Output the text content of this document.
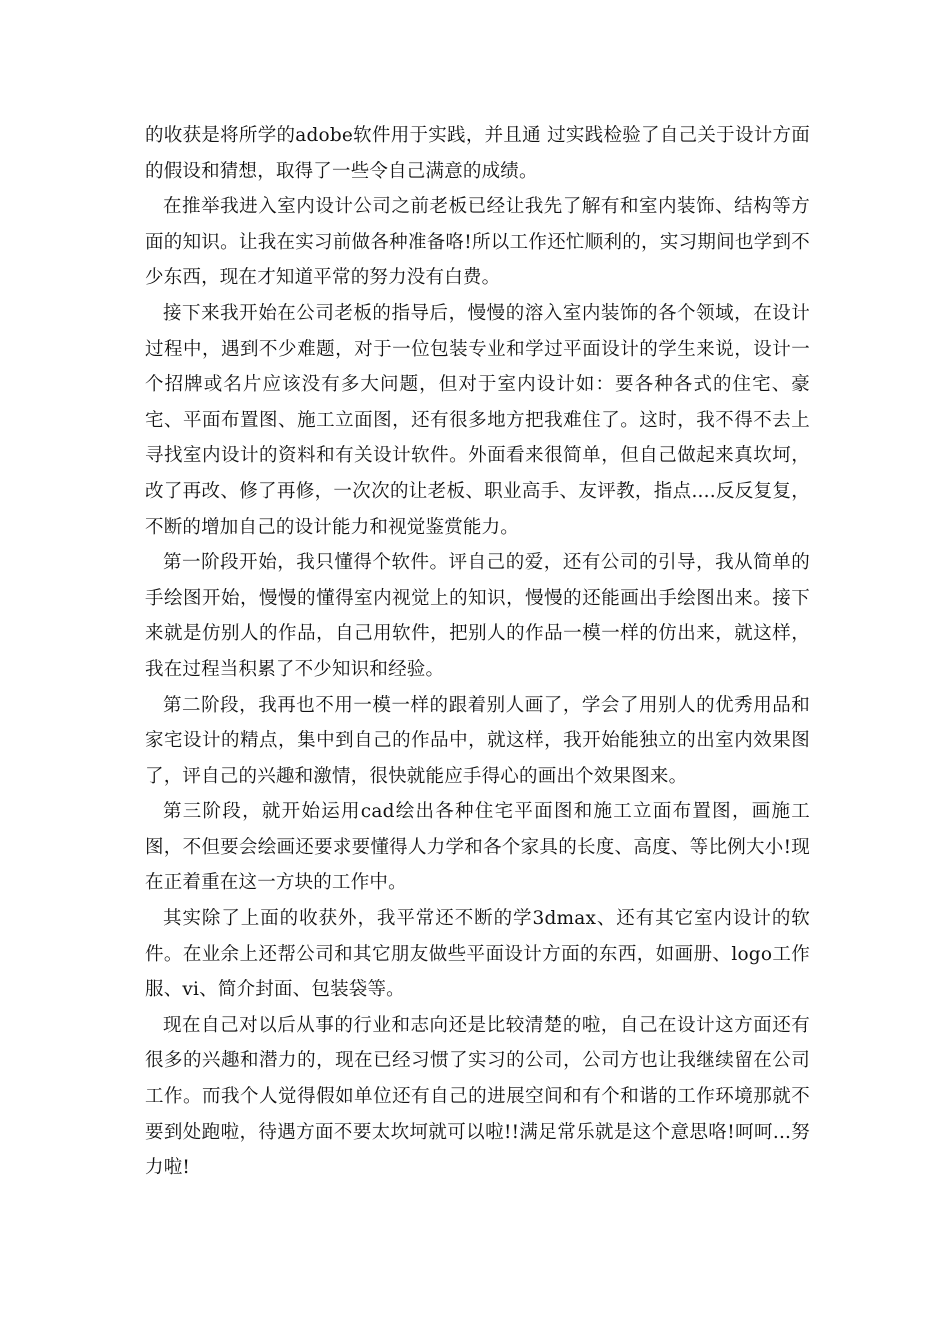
的收获是将所学的adobe软件用于实践，并且通 过实践检验了自己关于设计方面的假设和猜想，取得了一些令自己满意的成绩。

在推举我进入室内设计公司之前老板已经让我先了解有和室内装饰、结构等方面的知识。让我在实习前做各种准备咯!所以工作还忙顺利的，实习期间也学到不少东西，现在才知道平常的努力没有白费。

接下来我开始在公司老板的指导后，慢慢的溶入室内装饰的各个领域，在设计过程中，遇到不少难题，对于一位包装专业和学过平面设计的学生来说，设计一个招牌或名片应该没有多大问题，但对于室内设计如：要各种各式的住宅、豪宅、平面布置图、施工立面图，还有很多地方把我难住了。这时，我不得不去上寻找室内设计的资料和有关设计软件。外面看来很简单，但自己做起来真坎坷，改了再改、修了再修，一次次的让老板、职业高手、友评教，指点....反反复复，不断的增加自己的设计能力和视觉鉴赏能力。

第一阶段开始，我只懂得个软件。评自己的爱，还有公司的引导，我从简单的手绘图开始，慢慢的懂得室内视觉上的知识，慢慢的还能画出手绘图出来。接下来就是仿别人的作品，自己用软件，把别人的作品一模一样的仿出来，就这样，我在过程当积累了不少知识和经验。

第二阶段，我再也不用一模一样的跟着别人画了，学会了用别人的优秀用品和家宅设计的精点，集中到自己的作品中，就这样，我开始能独立的出室内效果图了，评自己的兴趣和激情，很快就能应手得心的画出个效果图来。

第三阶段，就开始运用cad绘出各种住宅平面图和施工立面布置图，画施工图，不但要会绘画还要求要懂得人力学和各个家具的长度、高度、等比例大小!现在正着重在这一方块的工作中。

其实除了上面的收获外，我平常还不断的学3dmax、还有其它室内设计的软件。在业余上还帮公司和其它朋友做些平面设计方面的东西，如画册、logo工作服、vi、简介封面、包装袋等。

现在自己对以后从事的行业和志向还是比较清楚的啦，自己在设计这方面还有很多的兴趣和潜力的，现在已经习惯了实习的公司，公司方也让我继续留在公司工作。而我个人觉得假如单位还有自己的进展空间和有个和谐的工作环境那就不要到处跑啦，待遇方面不要太坎坷就可以啦!!满足常乐就是这个意思咯!呵呵...努力啦!
